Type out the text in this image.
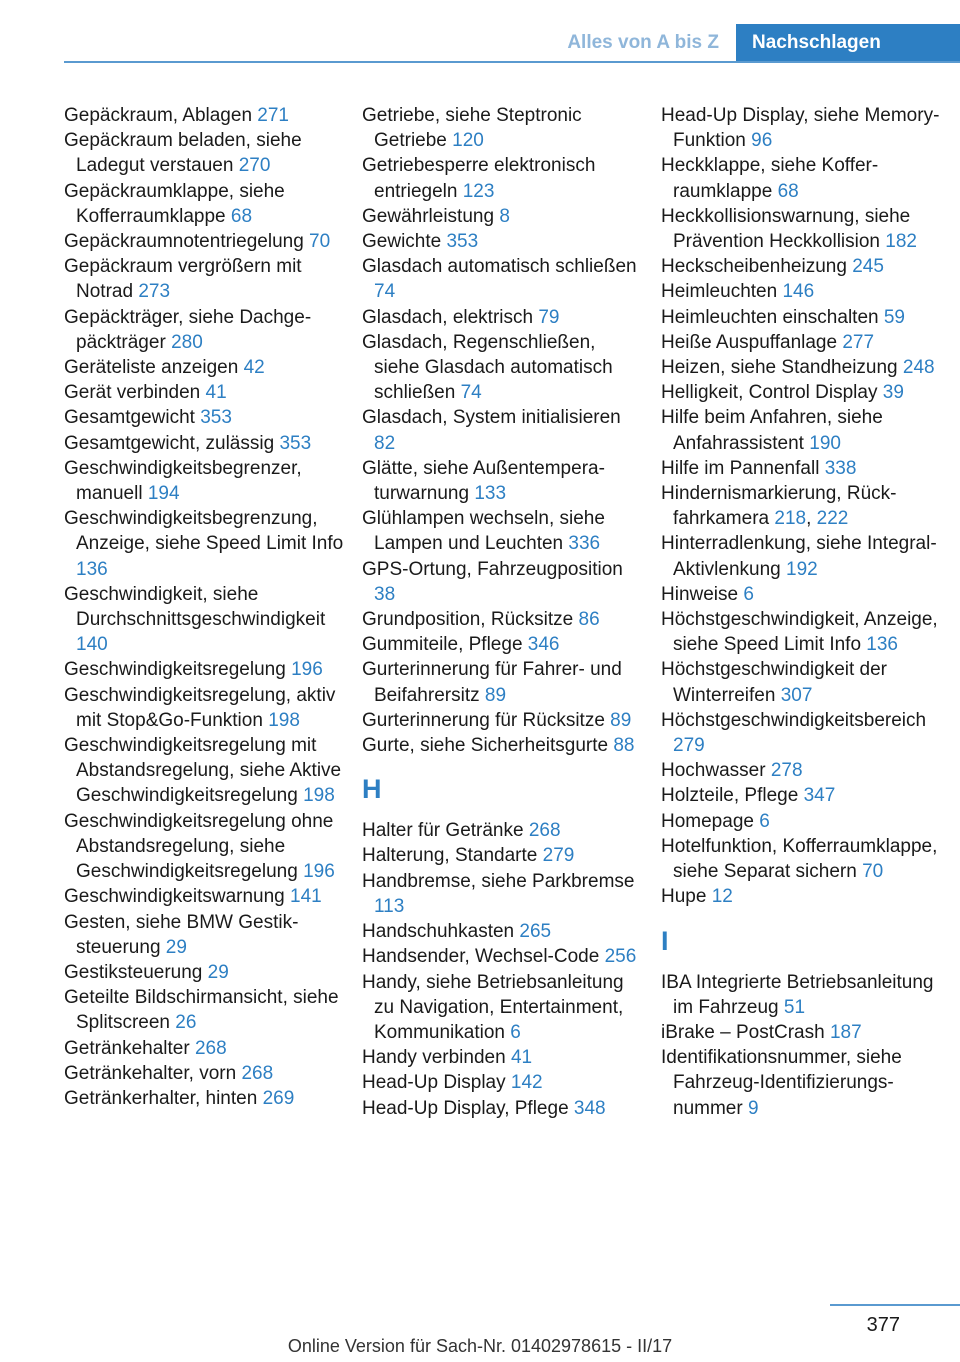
Alles von A bis Z	Nachschlagen

Gepäckraum, Ablagen 271

Gepäckraum beladen, siehe Ladegut verstauen 270

Gepäckraumklappe, siehe Kofferraumklappe 68

Gepäckraumnotentriegelung 70

Gepäckraum vergrößern mit Notrad 273

Gepäckträger, siehe Dachgepäckträger 280

Geräteliste anzeigen 42

Gerät verbinden 41

Gesamtgewicht 353

Gesamtgewicht, zulässig 353

Geschwindigkeitsbegrenzer, manuell 194

Geschwindigkeitsbegrenzung, Anzeige, siehe Speed Limit Info 136

Geschwindigkeit, siehe Durchschnittsgeschwindigkeit 140

Geschwindigkeitsregelung 196

Geschwindigkeitsregelung, aktiv mit Stop&Go-Funktion 198

Geschwindigkeitsregelung mit Abstandsregelung, siehe Aktive Geschwindigkeitsregelung 198

Geschwindigkeitsregelung ohne Abstandsregelung, siehe Geschwindigkeitsregelung 196

Geschwindigkeitswarnung 141

Gesten, siehe BMW Gestiksteuerung 29

Gestiksteuerung 29

Geteilte Bildschirmansicht, siehe Splitscreen 26

Getränkehalter 268

Getränkehalter, vorn 268

Getränkerhalter, hinten 269

Getriebe, siehe Steptronic Getriebe 120

Getriebesperre elektronisch entriegeln 123

Gewährleistung 8

Gewichte 353

Glasdach automatisch schließen 74

Glasdach, elektrisch 79

Glasdach, Regenschließen, siehe Glasdach automatisch schließen 74

Glasdach, System initialisieren 82

Glätte, siehe Außentemperaturwarnung 133

Glühlampen wechseln, siehe Lampen und Leuchten 336

GPS-Ortung, Fahrzeugposition 38

Grundposition, Rücksitze 86

Gummiteile, Pflege 346

Gurterinnerung für Fahrer- und Beifahrersitz 89

Gurterinnerung für Rücksitze 89

Gurte, siehe Sicherheitsgurte 88

H

Halter für Getränke 268

Halterung, Standarte 279

Handbremse, siehe Parkbremse 113

Handschuhkasten 265

Handsender, Wechsel-Code 256

Handy, siehe Betriebsanleitung zu Navigation, Entertainment, Kommunikation 6

Handy verbinden 41

Head-Up Display 142

Head-Up Display, Pflege 348

Head-Up Display, siehe Memory-Funktion 96

Heckklappe, siehe Kofferraumklappe 68

Heckkollisionswarnung, siehe Prävention Heckkollision 182

Heckscheibenheizung 245

Heimleuchten 146

Heimleuchten einschalten 59

Heiße Auspuffanlage 277

Heizen, siehe Standheizung 248

Helligkeit, Control Display 39

Hilfe beim Anfahren, siehe Anfahrassistent 190

Hilfe im Pannenfall 338

Hindernismarkierung, Rückfahrkamera 218, 222

Hinterradlenkung, siehe Integral-Aktivlenkung 192

Hinweise 6

Höchstgeschwindigkeit, Anzeige, siehe Speed Limit Info 136

Höchstgeschwindigkeit der Winterreifen 307

Höchstgeschwindigkeitsbereich 279

Hochwasser 278

Holzteile, Pflege 347

Homepage 6

Hotelfunktion, Kofferraumklappe, siehe Separat sichern 70

Hupe 12

I

IBA Integrierte Betriebsanleitung im Fahrzeug 51

iBrake – PostCrash 187

Identifikationsnummer, siehe Fahrzeug-Identifizierungsnummer 9

377
Online Version für Sach-Nr. 01402978615 - II/17
